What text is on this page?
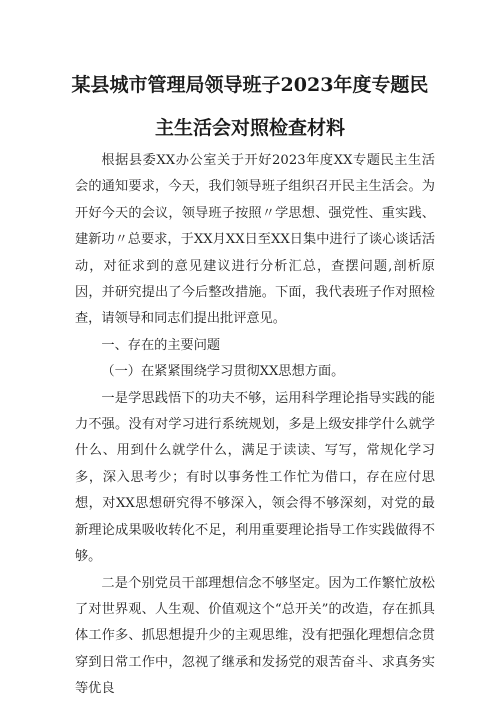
某县城市管理局领导班子2023年度专题民
主生活会对照检查材料

根据县委XX办公室关于开好2023年度XX专题民主生活会的通知要求，今天，我们领导班子组织召开民主生活会。为开好今天的会议，领导班子按照〃学思想、强党性、重实践、建新功〃总要求，于XX月XX日至XX日集中进行了谈心谈话活动，对征求到的意见建议进行分析汇总，查摆问题,剖析原因，并研究提出了今后整改措施。下面，我代表班子作对照检查，请领导和同志们提出批评意见。

一、存在的主要问题

（一）在紧紧围绕学习贯彻XX思想方面。

一是学思践悟下的功夫不够，运用科学理论指导实践的能力不强。没有对学习进行系统规划，多是上级安排学什么就学什么、用到什么就学什么，满足于读读、写写，常规化学习多，深入思考少；有时以事务性工作忙为借口，存在应付思想，对XX思想研究得不够深入，领会得不够深刻，对党的最新理论成果吸收转化不足，利用重要理论指导工作实践做得不够。

二是个别党员干部理想信念不够坚定。因为工作繁忙放松了对世界观、人生观、价值观这个“总开关”的改造，存在抓具体工作多、抓思想提升少的主观思维，没有把强化理想信念贯穿到日常工作中，忽视了继承和发扬党的艰苦奋斗、求真务实等优良
